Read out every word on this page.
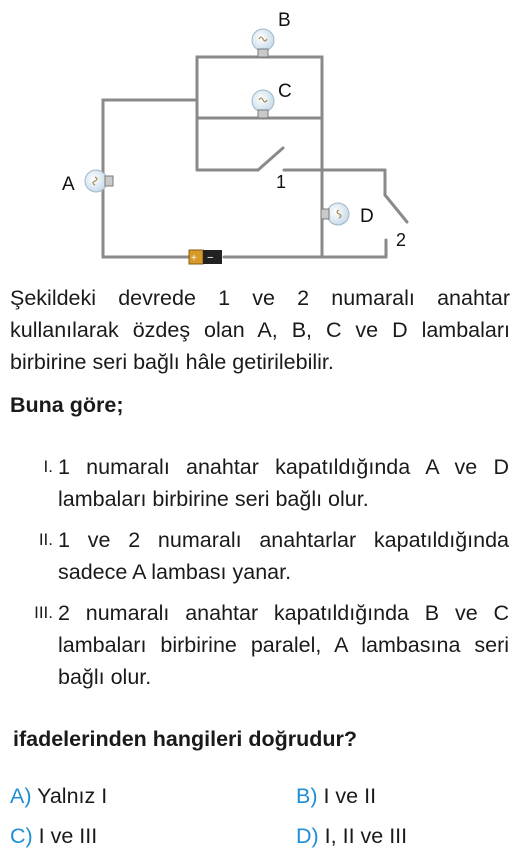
+ −
B
C
A
D
1
2
Şekildeki devrede 1 ve 2 numaralı anahtar kullanılarak özdeş olan A, B, C ve D lambaları birbirine seri bağlı hâle getirilebilir.
Buna göre;
I. 1 numaralı anahtar kapatıldığında A ve D lambaları birbirine seri bağlı olur.
II. 1 ve 2 numaralı anahtarlar kapatıldığında sadece A lambası yanar.
III. 2 numaralı anahtar kapatıldığında B ve C lambaları birbirine paralel, A lambasına seri bağlı olur.
ifadelerinden hangileri doğrudur?
A) Yalnız I	B) I ve II
C) I ve III	D) I, II ve III
